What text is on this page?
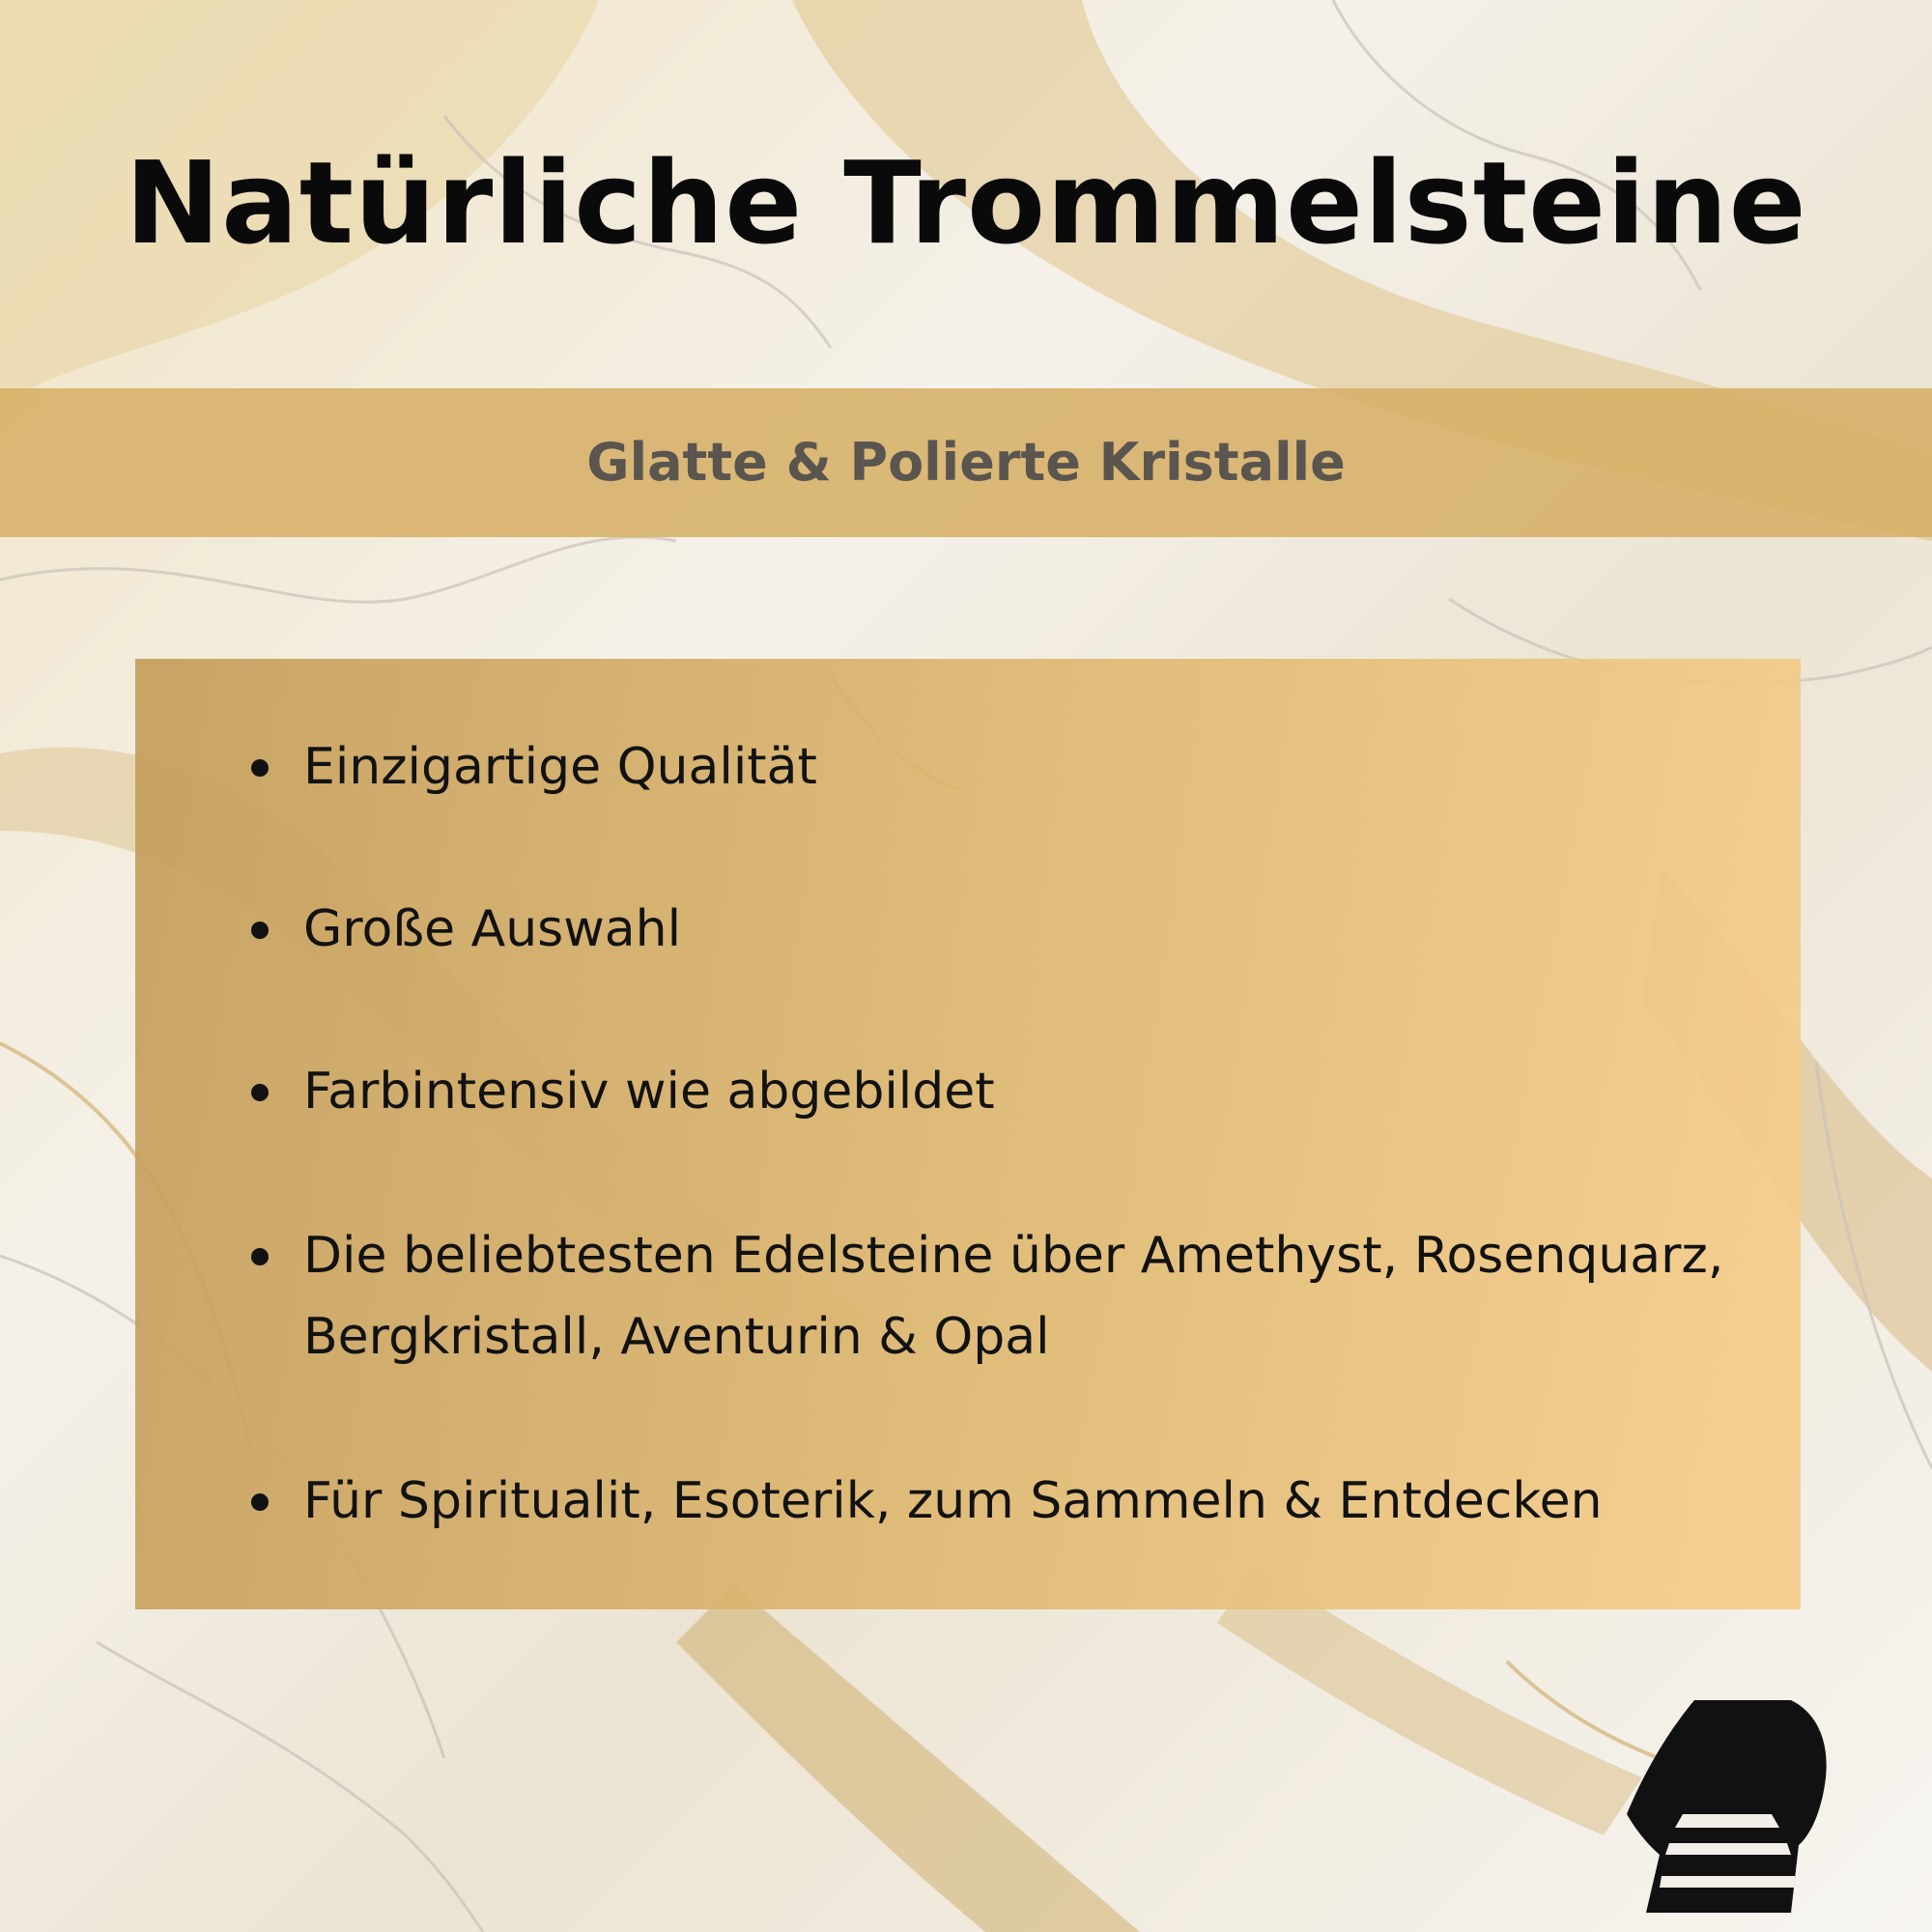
Natürliche Trommelsteine
Glatte & Polierte Kristalle
Einzigartige Qualität
Große Auswahl
Farbintensiv wie abgebildet
Die beliebtesten Edelsteine über Amethyst, Rosenquarz, Bergkristall, Aventurin & Opal
Für Spiritualit, Esoterik, zum Sammeln & Entdecken
